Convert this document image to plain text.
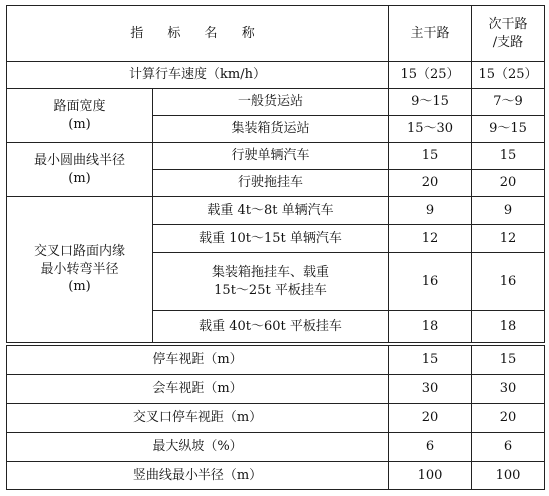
指 标 名 称		主干路	次干路
/支路

计算行车速度（km/h）		15（25）	15（25）

路面宽度
(m)	一般货运站	9～15	7～9
	集装箱货运站	15～30	9～15

最小圆曲线半径
(m)	行驶单辆汽车	15	15
	行驶拖挂车	20	20

交叉口路面内缘
最小转弯半径
(m)	载重 4t～8t 单辆汽车	9	9
	载重 10t～15t 单辆汽车	12	12

	集装箱拖挂车、载重
15t～25t 平板挂车	16	16
	载重 40t～60t 平板挂车	18	18
停车视距（m）	15	15
会车视距（m）	30	30
交叉口停车视距（m）	20	20
最大纵坡（%）	6	6
竖曲线最小半径（m）	100	100
